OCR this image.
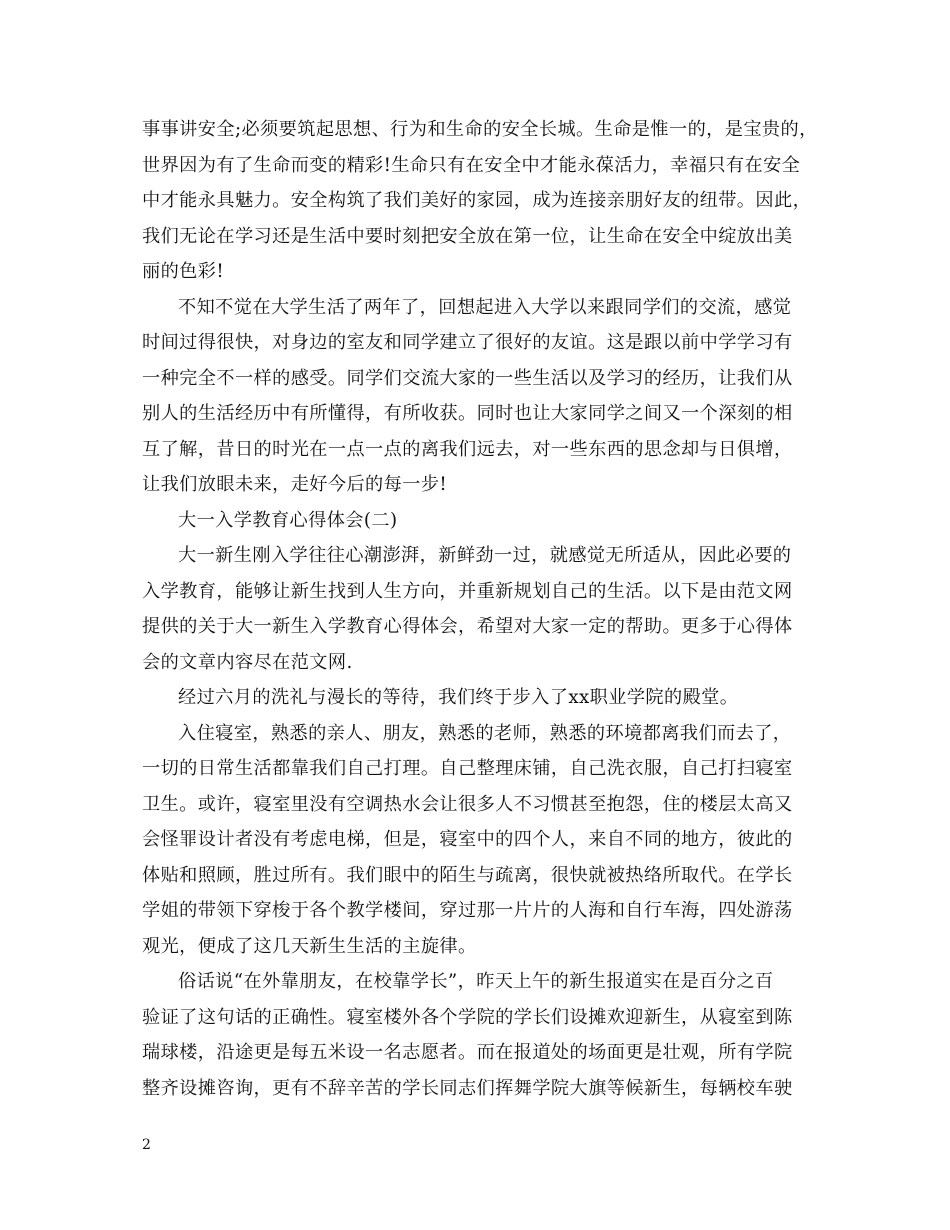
事事讲安全;必须要筑起思想、行为和生命的安全长城。生命是惟一的，是宝贵的，
世界因为有了生命而变的精彩!生命只有在安全中才能永葆活力，幸福只有在安全
中才能永具魅力。安全构筑了我们美好的家园，成为连接亲朋好友的纽带。因此，
我们无论在学习还是生活中要时刻把安全放在第一位，让生命在安全中绽放出美
丽的色彩!
不知不觉在大学生活了两年了，回想起进入大学以来跟同学们的交流，感觉
时间过得很快，对身边的室友和同学建立了很好的友谊。这是跟以前中学学习有
一种完全不一样的感受。同学们交流大家的一些生活以及学习的经历，让我们从
别人的生活经历中有所懂得，有所收获。同时也让大家同学之间又一个深刻的相
互了解，昔日的时光在一点一点的离我们远去，对一些东西的思念却与日俱增，
让我们放眼未来，走好今后的每一步!
大一入学教育心得体会(二)
大一新生刚入学往往心潮澎湃，新鲜劲一过，就感觉无所适从，因此必要的
入学教育，能够让新生找到人生方向，并重新规划自己的生活。以下是由范文网
提供的关于大一新生入学教育心得体会，希望对大家一定的帮助。更多于心得体
会的文章内容尽在范文网.
经过六月的洗礼与漫长的等待，我们终于步入了xx职业学院的殿堂。
入住寝室，熟悉的亲人、朋友，熟悉的老师，熟悉的环境都离我们而去了，
一切的日常生活都靠我们自己打理。自己整理床铺，自己洗衣服，自己打扫寝室
卫生。或许，寝室里没有空调热水会让很多人不习惯甚至抱怨，住的楼层太高又
会怪罪设计者没有考虑电梯，但是，寝室中的四个人，来自不同的地方，彼此的
体贴和照顾，胜过所有。我们眼中的陌生与疏离，很快就被热络所取代。在学长
学姐的带领下穿梭于各个教学楼间，穿过那一片片的人海和自行车海，四处游荡
观光，便成了这几天新生生活的主旋律。
俗话说“在外靠朋友，在校靠学长”，昨天上午的新生报道实在是百分之百
验证了这句话的正确性。寝室楼外各个学院的学长们设摊欢迎新生，从寝室到陈
瑞球楼，沿途更是每五米设一名志愿者。而在报道处的场面更是壮观，所有学院
整齐设摊咨询，更有不辞辛苦的学长同志们挥舞学院大旗等候新生，每辆校车驶
2
